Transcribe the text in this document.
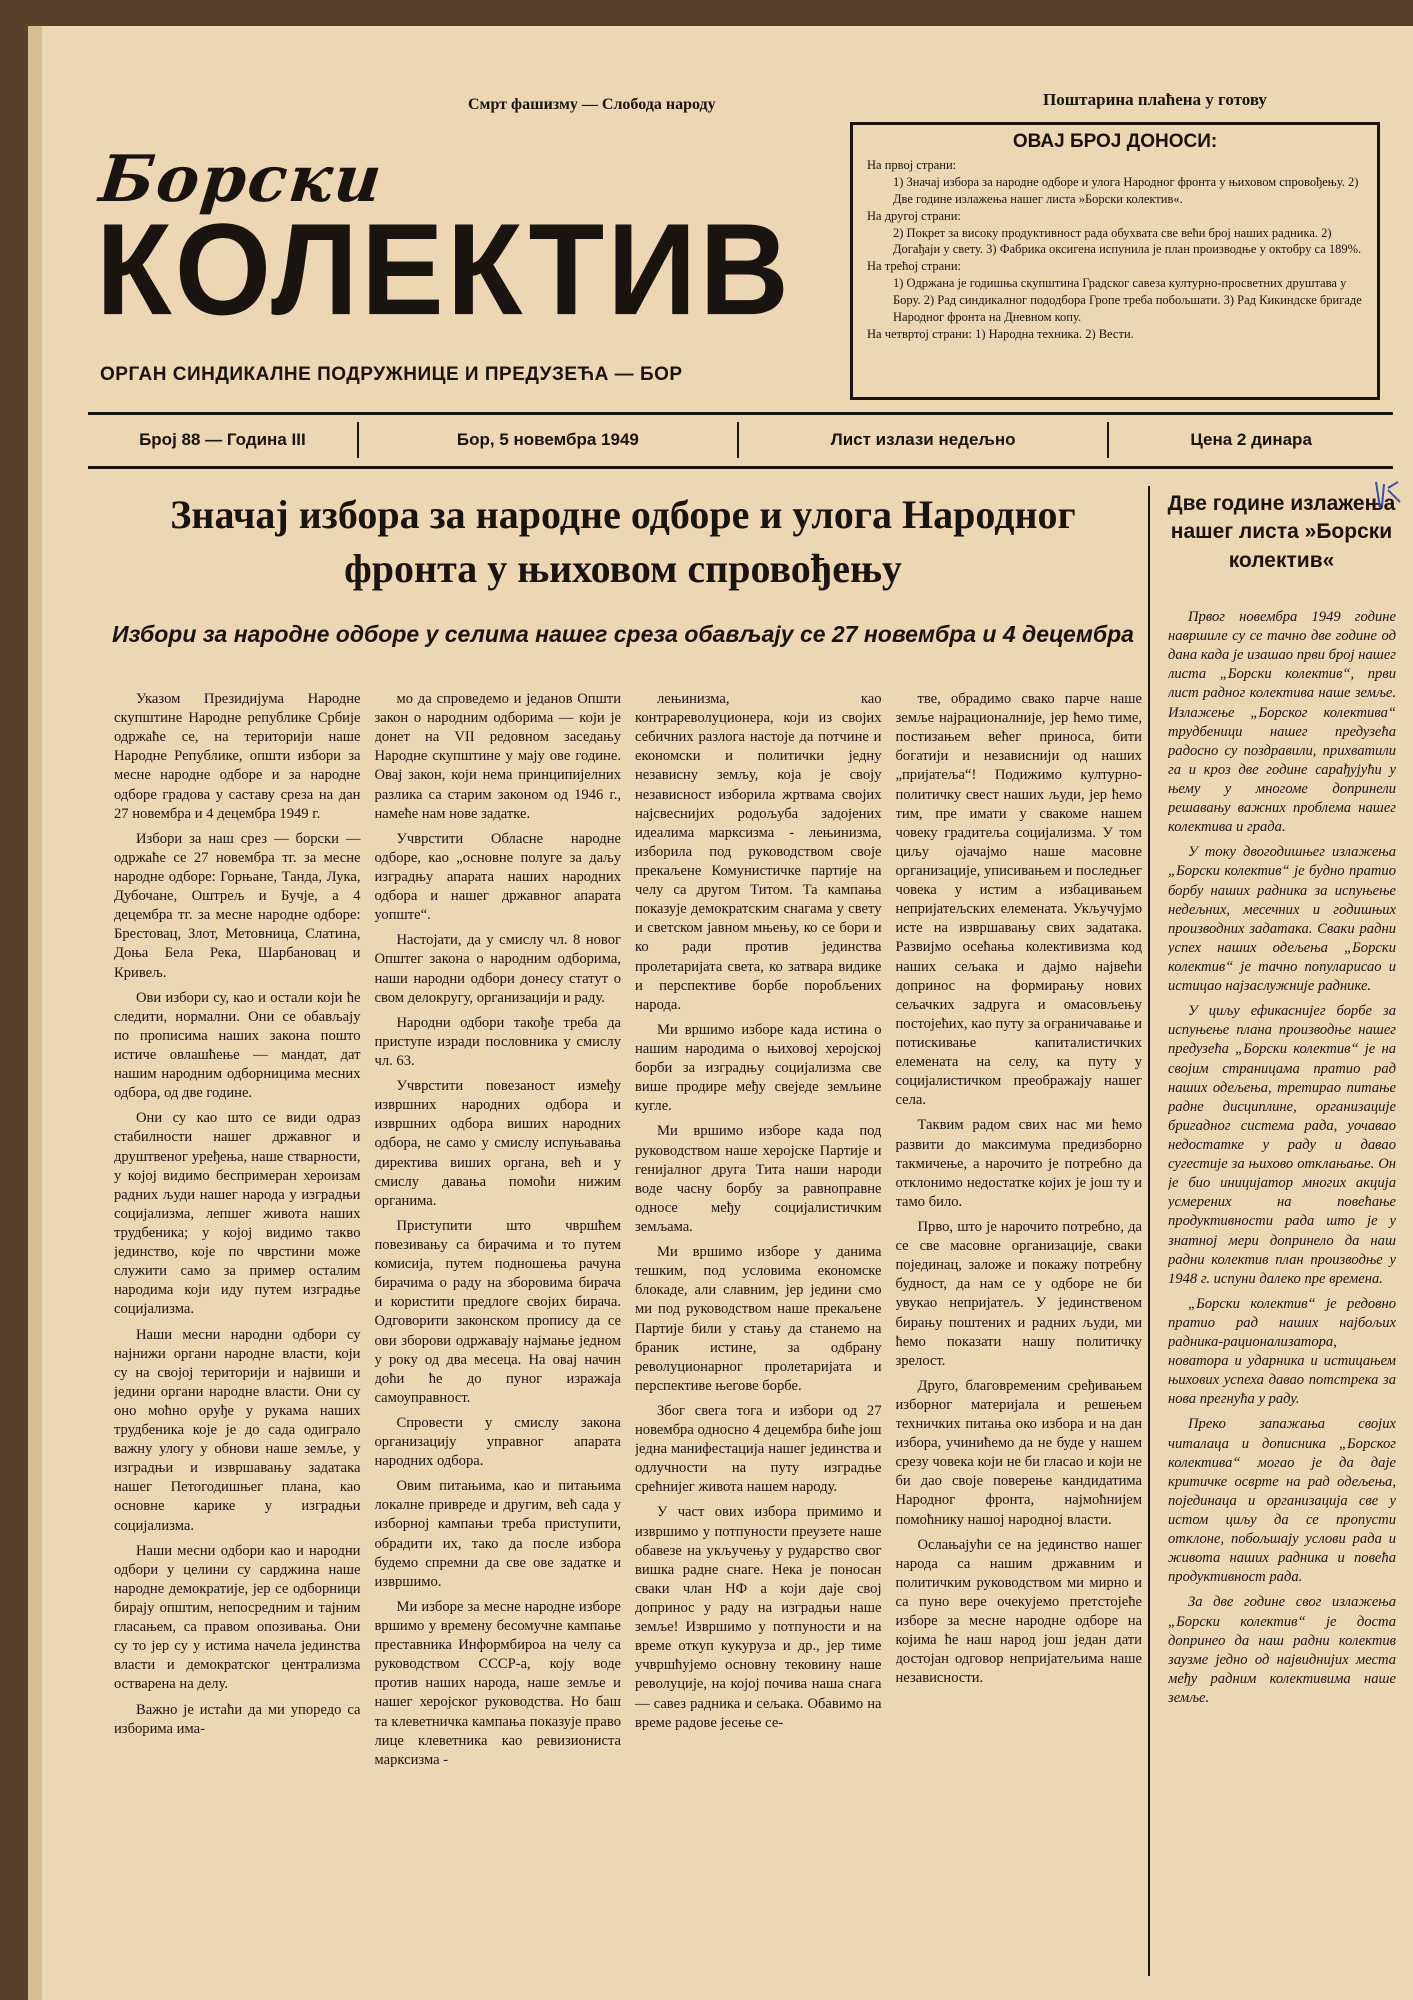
Смрт фашизму — Слобода народу	Поштарина плаћена у готову
Борски
КОЛЕКТИВ
ОРГАН СИНДИКАЛНЕ ПОДРУЖНИЦЕ И ПРЕДУЗЕЋА — БОР
ОВАЈ БРОЈ ДОНОСИ:

На првој страни:

1) Значај избора за народне одборе и улога Народног фронта у њиховом спровођењу. 2) Две године излажења нашег листа »Борски колектив«.

На другој страни:

2) Покрет за високу продуктивност рада обухвата све већи број наших радника. 2) Догађаји у свету. 3) Фабрика оксигена испунила је план производње у октобру са 189%.

На трећој страни:

1) Одржана је годишња скупштина Градског савеза културно-просветних друштава у Бору. 2) Рад синдикалног пододбора Гропе треба побољшати. 3) Рад Кикиндске бригаде Народног фронта на Дневном копу.

На четвртој страни: 1) Народна техника. 2) Вести.

Број 88 — Година III	Бор, 5 новембра 1949	Лист излази недељно	Цена 2 динара
Значај избора за народне одборе и улога Народног фронта у њиховом спровођењу
Избори за народне одборе у селима нашег среза обављају се 27 новембра и 4 децембра

Указом Президијума Народне скупштине Народне републике Србије одржаће се, на територији наше Народне Републике, општи избори за месне народне одборе и за народне одборе градова у саставу среза на дан 27 новембра и 4 децембра 1949 г.

Избори за наш срез — борски — одржаће се 27 новембра тг. за месне народне одборе: Горњане, Танда, Лука, Дубочане, Оштрељ и Бучје, а 4 децембра тг. за месне народне одборе: Брестовац, Злот, Метовница, Слатина, Доња Бела Река, Шарбановац и Кривељ.

Ови избори су, као и остали који ће следити, нормални. Они се обављају по прописима наших закона пошто истиче овлашћење — мандат, дат нашим народним одборницима месних одбора, од две године.

Они су као што се види одраз стабилности нашег државног и друштвеног уређења, наше стварности, у којој видимо беспримеран хероизам радних људи нашег народа у изградњи социјализма, лепшег живота наших трудбеника; у којој видимо такво јединство, које по чврстини може служити само за пример осталим народима који иду путем изградње социјализма.

Наши месни народни одбори су најнижи органи народне власти, који су на својој територији и највиши и једини органи народне власти. Они су оно моћно оруђе у рукама наших трудбеника које је до сада одиграло важну улогу у обнови наше земље, у изградњи и извршавању задатака нашег Петогодишњег плана, као основне карике у изградњи социјализма.

Наши месни одбори као и народни одбори у целини су сарджина наше народне демократије, јер се одборници бирају општим, непосредним и тајним гласањем, са правом опозивања. Они су то јер су у истима начела јединства власти и демократског централизма остварена на делу.

Важно је истаћи да ми упоредо са изборима има-

мо да спроведемо и једанов Општи закон о народним одборима — који је донет на VII редовном заседању Народне скупштине у мају ове године. Овај закон, који нема принципијелних разлика са старим законом од 1946 г., намеће нам нове задатке.

Учврстити Обласне народне одборе, као „основне полуге за даљу изградњу апарата наших народних одбора и нашег државног апарата уопште“.

Настојати, да у смислу чл. 8 новог Општег закона о народним одборима, наши народни одбори донесу статут о свом делокругу, организацији и раду.

Народни одбори такође треба да приступе изради пословника у смислу чл. 63.

Учврстити повезаност између извршних народних одбора и извршних одбора виших народних одбора, не само у смислу испуњавања директива виших органа, већ и у смислу давања помоћи нижим органима.

Приступити што чвршћем повезивању са бирачима и то путем комисија, путем подношења рачуна бирачима о раду на зборовима бирача и користити предлоге својих бирача. Одговорити законском пропису да се ови зборови одржавају најмање једном у року од два месеца. На овај начин доћи ће до пуног изражаја самоуправност.

Спровести у смислу закона организацију управног апарата народних одбора.

Овим питањима, као и питањима локалне привреде и другим, већ сада у изборној кампањи треба приступити, обрадити их, тако да после избора будемо спремни да све ове задатке и извршимо.

Ми изборе за месне народне изборе вршимо у времену бесомучне кампање преставника Информбироа на челу са руководством СССР-а, коју воде против наших народа, наше земље и нашег херојског руководства. Но баш та клеветничка кампања показује право лице клеветника као ревизиониста марксизма -

лењинизма, као контрареволуционера, који из својих себичних разлога настоје да потчине и економски и политички једну независну земљу, која је своју независност изборила жртвама својих најсвеснијих родољуба задојених идеалима марксизма - лењинизма, изборила под руководством своје прекаљене Комунистичке партије на челу са другом Титом. Та кампања показује демократским снагама у свету и светском јавном мњењу, ко се бори и ко ради против јединства пролетаријата света, ко затвара видике и перспективе борбе поробљених народа.

Ми вршимо изборе када истина о нашим народима о њиховој херојској борби за изградњу социјализма све више продире међу свеједе земљине кугле.

Ми вршимо изборе када под руководством наше херојске Партије и генијалног друга Тита наши народи воде часну борбу за равноправне односе међу социјалистичким земљама.

Ми вршимо изборе у данима тешким, под условима економске блокаде, али славним, јер једини смо ми под руководством наше прекаљене Партије били у стању да станемо на браник истине, за одбрану револуционарног пролетаријата и перспективе његове борбе.

Због свега тога и избори од 27 новембра односно 4 децембра биће још једна манифестација нашег јединства и одлучности на путу изградње срећнијег живота нашем народу.

У част ових избора примимо и извршимо у потпуности преузете наше обавезе на укључењу у рударство свог вишка радне снаге. Нека је поносан сваки члан НФ а који даје свој допринос у раду на изградњи наше земље! Извршимо у потпуности и на време откуп кукуруза и др., јер тиме учвршћујемо основну тековину наше револуције, на којој почива наша снага — савез радника и сељака. Обавимо на време радове јесење се-

тве, обрадимо свако парче наше земље најрационалније, јер ћемо тиме, постизањем већег приноса, бити богатији и независнији од наших „пријатеља“! Подижимо културно-политичку свест наших људи, јер ћемо тим, пре имати у свакоме нашем човеку градитеља социјализма. У том циљу ојачајмо наше масовне организације, уписивањем и последњег човека у истим а избацивањем непријатељских елемената. Укључујмо исте на извршавању свих задатака. Развијмо осећања колективизма код наших сељака и дајмо највећи допринос на формирању нових сељачких задруга и омасовљењу постојећих, као путу за ограничавање и потискивање капиталистичких елемената на селу, ка путу у социјалистичком преображају нашег села.

Таквим радом свих нас ми ћемо развити до максимума предизборно такмичење, а нарочито је потребно да отклонимо недостатке којих је још ту и тамо било.

Прво, што је нарочито потребно, да се све масовне организације, сваки појединац, заложе и покажу потребну будност, да нам се у одборе не би увукао непријатељ. У јединственом бирању поштених и радних људи, ми ћемо показати нашу политичку зрелост.

Друго, благовременим сређивањем изборног материјала и решењем техничких питања око избора и на дан избора, учинићемо да не буде у нашем срезу човека који не би гласао и који не би дао своје поверење кандидатима Народног фронта, најмоћнијем помоћнику нашој народној власти.

Ослањајући се на јединство нашег народа са нашим државним и политичким руководством ми мирно и са пуно вере очекујемо претстојеће изборе за месне народне одборе на којима ће наш народ још један дати достојан одговор непријатељима наше независности.

Две године излажења нашег листа »Борски колектив«

Првог новембра 1949 године навршиле су се тачно две године од дана када је изашао први број нашег листа „Борски колектив“, први лист радног колектива наше земље. Излажење „Борског колектива“ трудбеници нашег предузећа радосно су поздравили, прихватили га и кроз две године сарађујући у њему у многоме допринели решавању важних проблема нашег колектива и града.

У току двогодишњег излажења „Борски колектив“ је будно пратио борбу наших радника за испуњење недељних, месечних и годишњих производних задатака. Сваки радни успех наших одељења „Борски колектив“ је тачно популарисао и истицао најзаслужније раднике.

У циљу ефикаснијег борбе за испуњење плана производње нашег предузећа „Борски колектив“ је на својим страницама пратио рад наших одељења, третирао питање радне дисциплине, организације бригадног система рада, уочавао недостатке у раду и давао сугестије за њихово отклањање. Он је био иницијатор многих акција усмерених на повећање продуктивности рада што је у знатној мери допринело да наш радни колектив план производње у 1948 г. испуни далеко пре времена.

„Борски колектив“ је редовно пратио рад наших најбољих радника-рационализатора, новатора и ударника и истицањем њихових успеха давао потстрека за нова прегнућа у раду.

Преко запажања својих читалаца и дописника „Борског колектива“ могао је да даје критичке осврте на рад одељења, појединаца и организација све у истом циљу да се пропусти отклоне, побољшају услови рада и живота наших радника и повећа продуктивност рада.

За две године свог излажења „Борски колектив“ је доста допринео да наш радни колектив заузме једно од највиднијих места међу радним колективима наше земље.
